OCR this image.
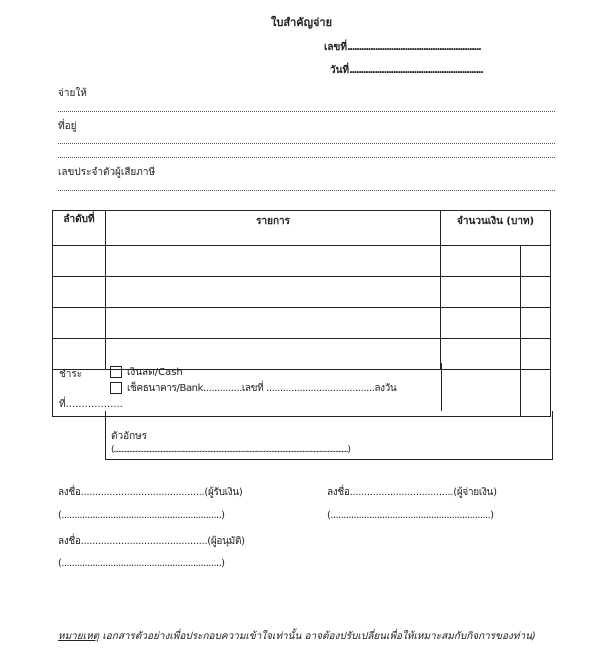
ใบสำคัญจ่าย
เลขที่..........................................................
วันที่..........................................................
จ่ายให้
ที่อยู่
เลขประจำตัวผู้เสียภาษี
ลำดับที่	รายการ	จำนวนเงิน (บาท)	

ชำระ
ที่..................
เงินสด/Cash
เช็คธนาคาร/Bank..............เลขที่ .......................................ลงวัน
ตัวอักษร
(......................................................................................................................................................)
ลงชื่อ...........................................(ผู้รับเงิน)
(..............................................................)
ลงชื่อ....................................(ผู้จ่ายเงิน)
(..............................................................)
ลงชื่อ............................................(ผู้อนุมัติ)
(..............................................................)
หมายเหตุ เอกสารตัวอย่างเพื่อประกอบความเข้าใจเท่านั้น อาจต้องปรับเปลี่ยนเพื่อให้เหมาะสมกับกิจการของท่าน)
